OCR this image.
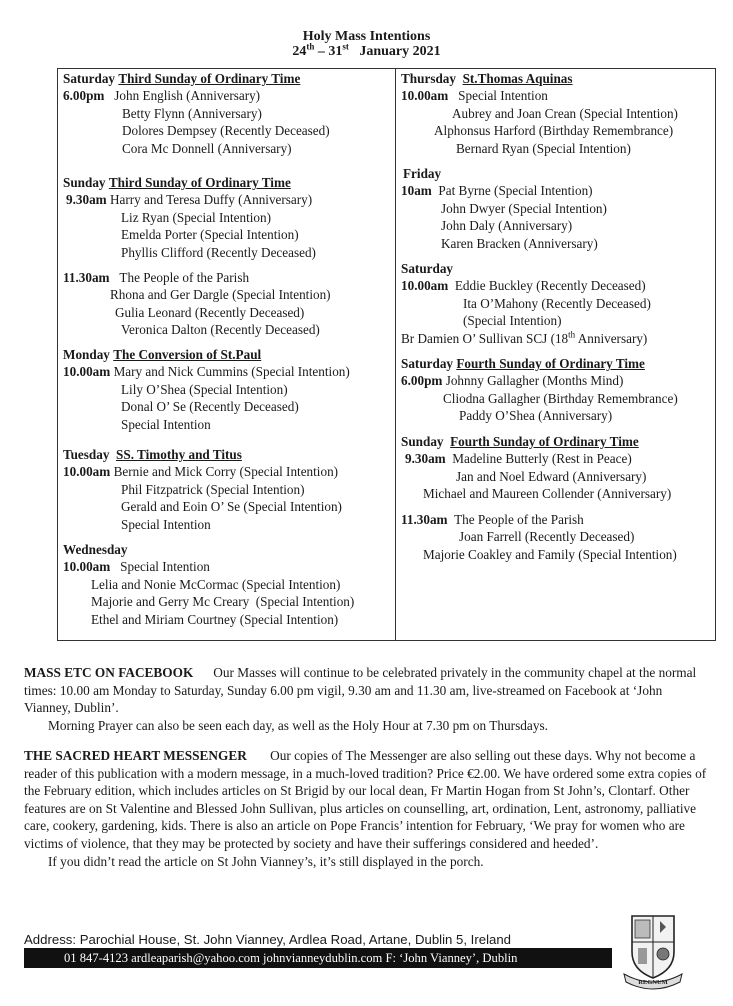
Holy Mass Intentions
24th – 31st   January 2021
Saturday Third Sunday of Ordinary Time
6.00pm John English (Anniversary)
Betty Flynn (Anniversary)
Dolores Dempsey (Recently Deceased)
Cora Mc Donnell (Anniversary)
Sunday Third Sunday of Ordinary Time
9.30am Harry and Teresa Duffy (Anniversary)
Liz Ryan (Special Intention)
Emelda Porter (Special Intention)
Phyllis Clifford (Recently Deceased)
11.30am The People of the Parish
Rhona and Ger Dargle (Special Intention)
Gulia Leonard (Recently Deceased)
Veronica Dalton (Recently Deceased)
Monday The Conversion of St.Paul
10.00am Mary and Nick Cummins (Special Intention)
Lily O’Shea (Special Intention)
Donal O’ Se (Recently Deceased)
Special Intention
Tuesday SS. Timothy and Titus
10.00am Bernie and Mick Corry (Special Intention)
Phil Fitzpatrick (Special Intention)
Gerald and Eoin O’ Se (Special Intention)
Special Intention
Wednesday
10.00am Special Intention
Lelia and Nonie McCormac (Special Intention)
Majorie and Gerry Mc Creary  (Special Intention)
Ethel and Miriam Courtney (Special Intention)
Thursday St.Thomas Aquinas
10.00am Special Intention
Aubrey and Joan Crean (Special Intention)
Alphonsus Harford (Birthday Remembrance)
Bernard Ryan (Special Intention)
Friday
10am Pat Byrne (Special Intention)
John Dwyer (Special Intention)
John Daly (Anniversary)
Karen Bracken (Anniversary)
Saturday
10.00am Eddie Buckley (Recently Deceased)
Ita O’Mahony (Recently Deceased)
(Special Intention)
Br Damien O’ Sullivan SCJ (18th Anniversary)
Saturday Fourth Sunday of Ordinary Time
6.00pm Johnny Gallagher (Months Mind)
Cliodna Gallagher (Birthday Remembrance)
Paddy O’Shea (Anniversary)
Sunday Fourth Sunday of Ordinary Time
9.30am Madeline Butterly (Rest in Peace)
Jan and Noel Edward (Anniversary)
Michael and Maureen Collender (Anniversary)
11.30am The People of the Parish
Joan Farrell (Recently Deceased)
Majorie Coakley and Family (Special Intention)
MASS ETC ON FACEBOOK Our Masses will continue to be celebrated privately in the community chapel at the normal times: 10.00 am Monday to Saturday, Sunday 6.00 pm vigil, 9.30 am and 11.30 am, live-streamed on Facebook at ‘John Vianney, Dublin’.
Morning Prayer can also be seen each day, as well as the Holy Hour at 7.30 pm on Thursdays.
THE SACRED HEART MESSENGER Our copies of The Messenger are also selling out these days. Why not become a reader of this publication with a modern message, in a much-loved tradition? Price €2.00. We have ordered some extra copies of the February edition, which includes articles on St Brigid by our local dean, Fr Martin Hogan from St John’s, Clontarf. Other features are on St Valentine and Blessed John Sullivan, plus articles on counselling, art, ordination, Lent, astronomy, palliative care, cookery, gardening, kids. There is also an article on Pope Francis’ intention for February, ‘We pray for women who are victims of violence, that they may be protected by society and have their sufferings considered and heeded’.
If you didn’t read the article on St John Vianney’s, it’s still displayed in the porch.
Address: Parochial House, St. John Vianney, Ardlea Road, Artane, Dublin 5, Ireland
01 847-4123 ardleaparish@yahoo.com johnvianneydublin.com F: ‘John Vianney’, Dublin
REGNUM
